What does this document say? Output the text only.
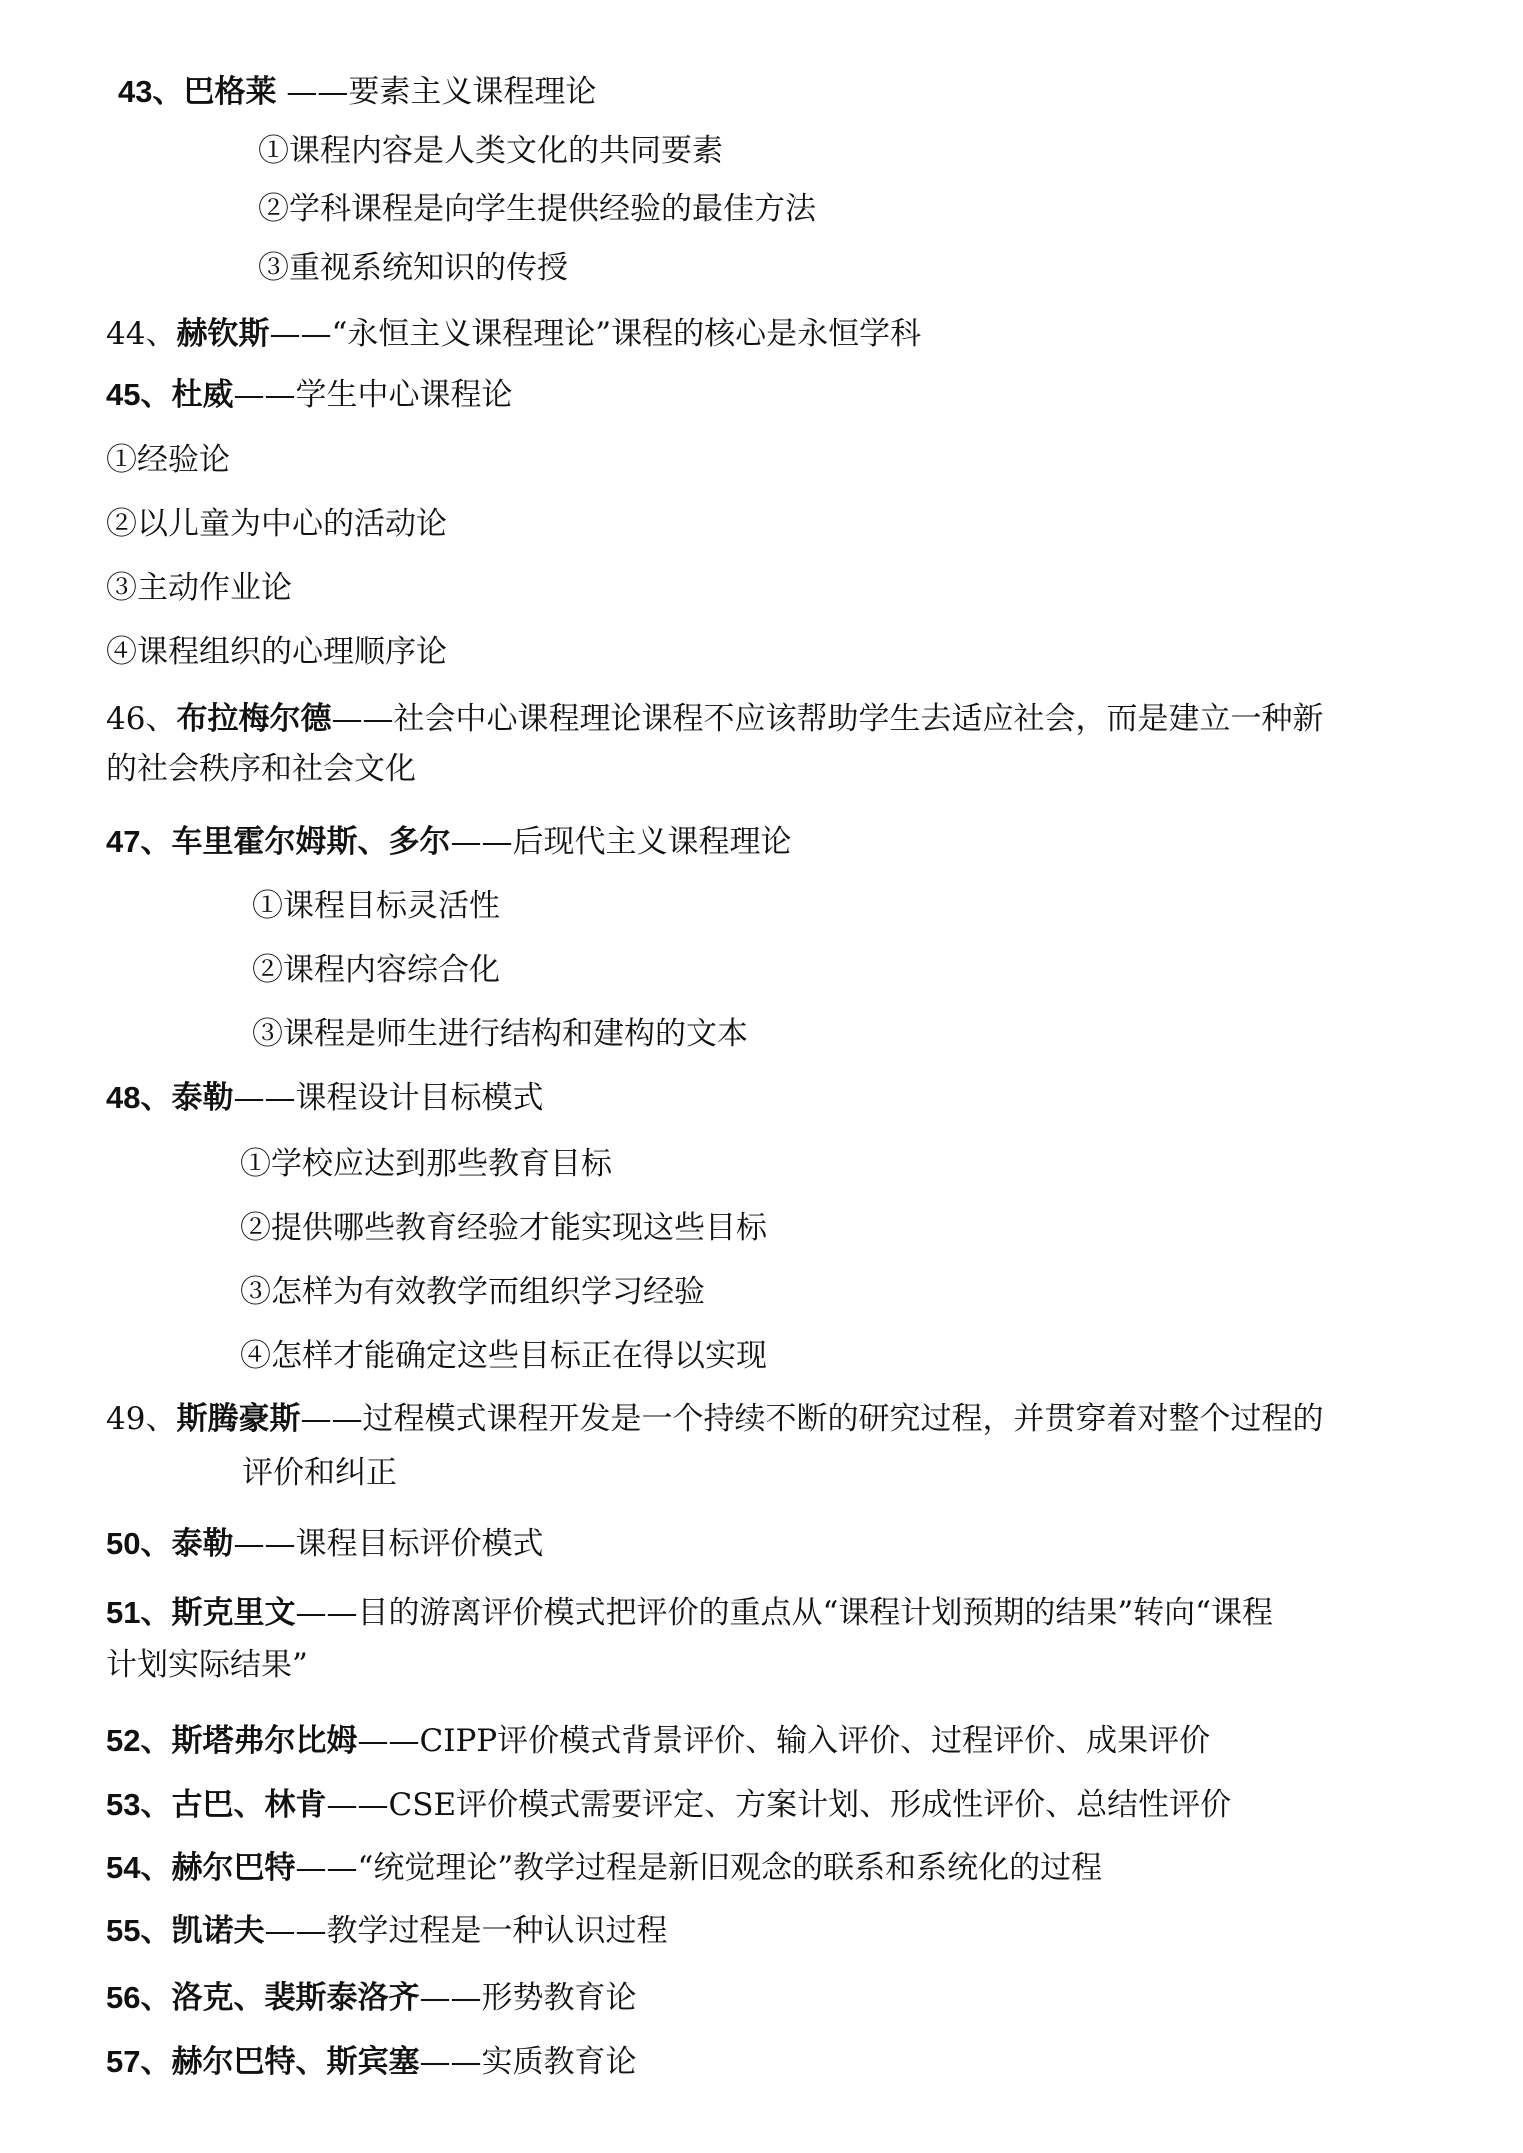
43、巴格莱 ——要素主义课程理论
①课程内容是人类文化的共同要素
②学科课程是向学生提供经验的最佳方法
③重视系统知识的传授
44、赫钦斯——“永恒主义课程理论”课程的核心是永恒学科
45、杜威——学生中心课程论
①经验论
②以儿童为中心的活动论
③主动作业论
④课程组织的心理顺序论
46、布拉梅尔德——社会中心课程理论课程不应该帮助学生去适应社会，而是建立一种新
的社会秩序和社会文化
47、车里霍尔姆斯、多尔——后现代主义课程理论
①课程目标灵活性
②课程内容综合化
③课程是师生进行结构和建构的文本
48、泰勒——课程设计目标模式
①学校应达到那些教育目标
②提供哪些教育经验才能实现这些目标
③怎样为有效教学而组织学习经验
④怎样才能确定这些目标正在得以实现
49、斯腾豪斯——过程模式课程开发是一个持续不断的研究过程，并贯穿着对整个过程的
评价和纠正
50、泰勒——课程目标评价模式
51、斯克里文——目的游离评价模式把评价的重点从“课程计划预期的结果”转向“课程
计划实际结果”
52、斯塔弗尔比姆——CIPP评价模式背景评价、输入评价、过程评价、成果评价
53、古巴、林肯——CSE评价模式需要评定、方案计划、形成性评价、总结性评价
54、赫尔巴特——“统觉理论”教学过程是新旧观念的联系和系统化的过程
55、凯诺夫——教学过程是一种认识过程
56、洛克、裴斯泰洛齐——形势教育论
57、赫尔巴特、斯宾塞——实质教育论
